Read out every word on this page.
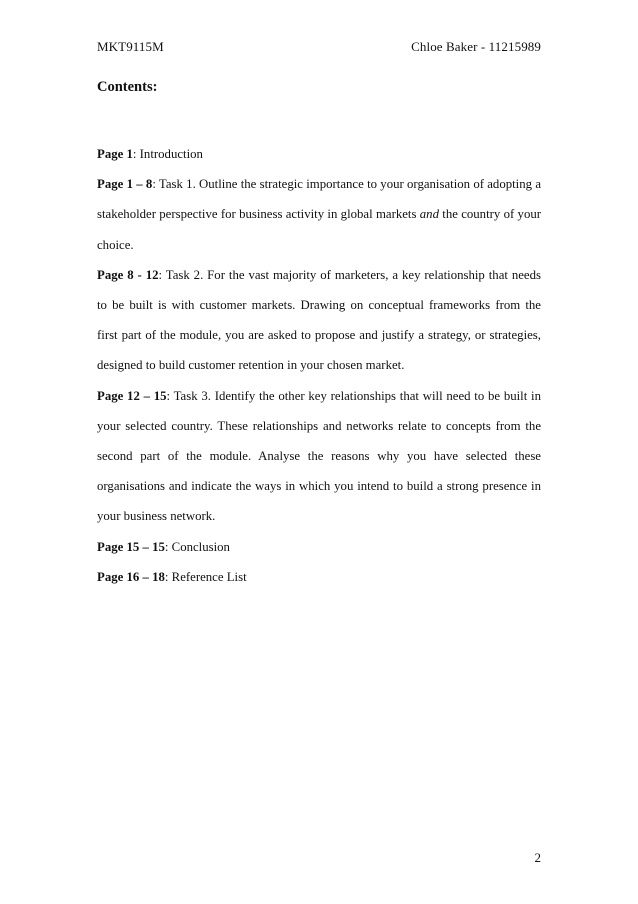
MKT9115M	Chloe Baker - 11215989
Contents:

Page 1: Introduction

Page 1 – 8: Task 1. Outline the strategic importance to your organisation of adopting a stakeholder perspective for business activity in global markets and the country of your choice.

Page 8 - 12: Task 2. For the vast majority of marketers, a key relationship that needs to be built is with customer markets. Drawing on conceptual frameworks from the first part of the module, you are asked to propose and justify a strategy, or strategies, designed to build customer retention in your chosen market.

Page 12 – 15: Task 3. Identify the other key relationships that will need to be built in your selected country. These relationships and networks relate to concepts from the second part of the module. Analyse the reasons why you have selected these organisations and indicate the ways in which you intend to build a strong presence in your business network.

Page 15 – 15: Conclusion

Page 16 – 18: Reference List

2
